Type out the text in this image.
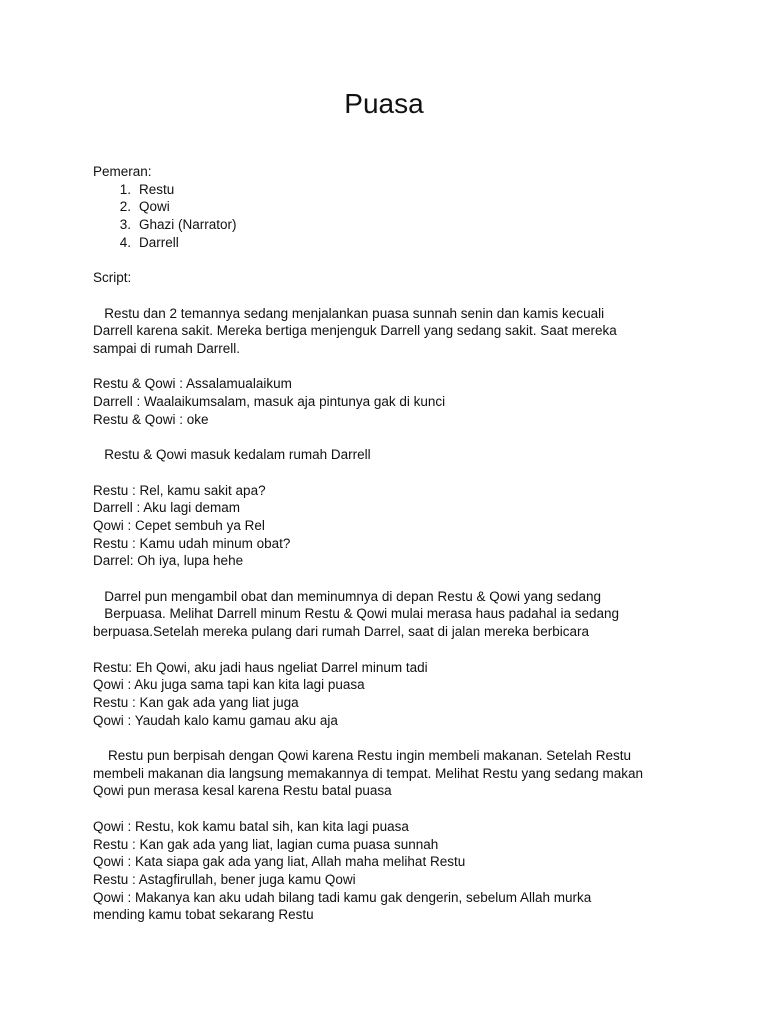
Puasa
Pemeran:
1. Restu
2. Qowi
3. Ghazi (Narrator)
4. Darrell
Script:
Restu dan 2 temannya sedang menjalankan puasa sunnah senin dan kamis kecuali
Darrell karena sakit. Mereka bertiga menjenguk Darrell yang sedang sakit. Saat mereka
sampai di rumah Darrell.
Restu & Qowi : Assalamualaikum
Darrell : Waalaikumsalam, masuk aja pintunya gak di kunci
Restu & Qowi : oke
Restu & Qowi masuk kedalam rumah Darrell
Restu : Rel, kamu sakit apa?
Darrell : Aku lagi demam
Qowi : Cepet sembuh ya Rel
Restu : Kamu udah minum obat?
Darrel: Oh iya, lupa hehe
Darrel pun mengambil obat dan meminumnya di depan Restu & Qowi yang sedang
Berpuasa. Melihat Darrell minum Restu & Qowi mulai merasa haus padahal ia sedang
berpuasa.Setelah mereka pulang dari rumah Darrel, saat di jalan mereka berbicara
Restu: Eh Qowi, aku jadi haus ngeliat Darrel minum tadi
Qowi : Aku juga sama tapi kan kita lagi puasa
Restu : Kan gak ada yang liat juga
Qowi : Yaudah kalo kamu gamau aku aja
Restu pun berpisah dengan Qowi karena Restu ingin membeli makanan. Setelah Restu
membeli makanan dia langsung memakannya di tempat. Melihat Restu yang sedang makan
Qowi pun merasa kesal karena Restu batal puasa
Qowi : Restu, kok kamu batal sih, kan kita lagi puasa
Restu : Kan gak ada yang liat, lagian cuma puasa sunnah
Qowi : Kata siapa gak ada yang liat, Allah maha melihat Restu
Restu : Astagfirullah, bener juga kamu Qowi
Qowi : Makanya kan aku udah bilang tadi kamu gak dengerin, sebelum Allah murka
mending kamu tobat sekarang Restu
